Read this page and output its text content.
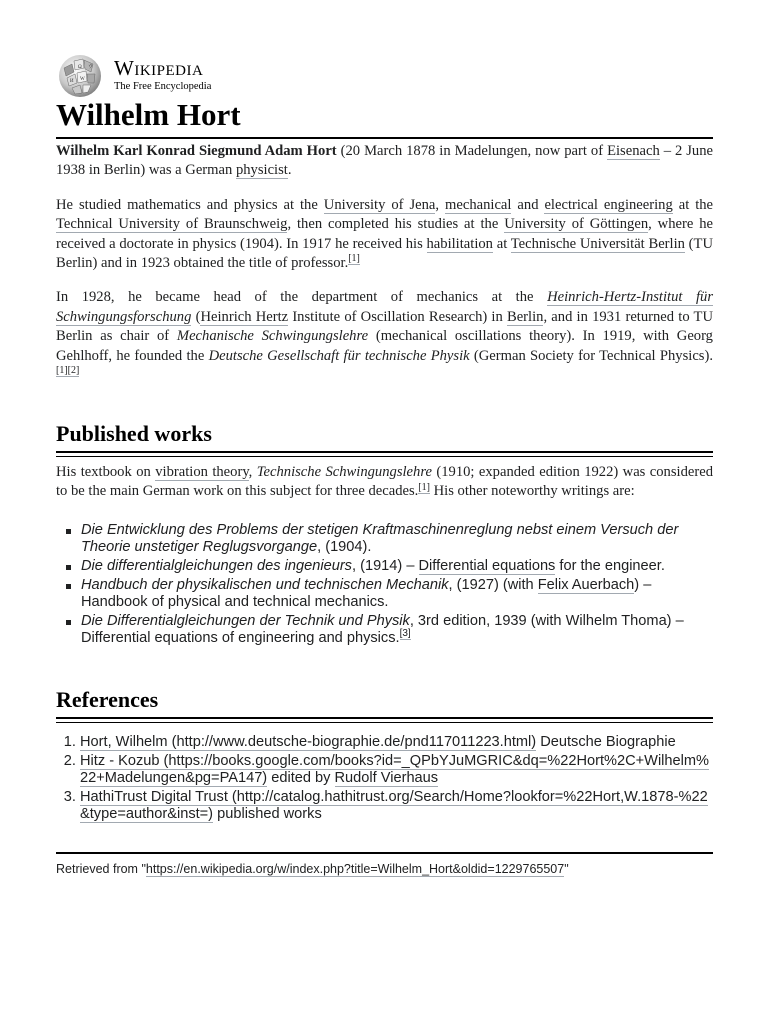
Ω
W
И
ウ Wikipedia
The Free Encyclopedia
Wilhelm Hort

Wilhelm Karl Konrad Siegmund Adam Hort (20 March 1878 in Madelungen, now part of Eisenach – 2 June 1938 in Berlin) was a German physicist.

He studied mathematics and physics at the University of Jena, mechanical and electrical engineering at the Technical University of Braunschweig, then completed his studies at the University of Göttingen, where he received a doctorate in physics (1904). In 1917 he received his habilitation at Technische Universität Berlin (TU Berlin) and in 1923 obtained the title of professor.[1]

In 1928, he became head of the department of mechanics at the Heinrich-Hertz-Institut für Schwingungsforschung (Heinrich Hertz Institute of Oscillation Research) in Berlin, and in 1931 returned to TU Berlin as chair of Mechanische Schwingungslehre (mechanical oscillations theory). In 1919, with Georg Gehlhoff, he founded the Deutsche Gesellschaft für technische Physik (German Society for Technical Physics).[1][2]

Published works

His textbook on vibration theory, Technische Schwingungslehre (1910; expanded edition 1922) was considered to be the main German work on this subject for three decades.[1] His other noteworthy writings are:

Die Entwicklung des Problems der stetigen Kraftmaschinenreglung nebst einem Versuch der Theorie unstetiger Reglugsvorgange, (1904).
Die differentialgleichungen des ingenieurs, (1914) – Differential equations for the engineer.
Handbuch der physikalischen und technischen Mechanik, (1927) (with Felix Auerbach) – Handbook of physical and technical mechanics.
Die Differentialgleichungen der Technik und Physik, 3rd edition, 1939 (with Wilhelm Thoma) – Differential equations of engineering and physics.[3]
References
1. Hort, Wilhelm (http://www.deutsche-biographie.de/pnd117011223.html) Deutsche Biographie
2. Hitz - Kozub (https://books.google.com/books?id=_QPbYJuMGRIC&dq=%22Hort%2C+Wilhelm%22+Madelungen&pg=PA147) edited by Rudolf Vierhaus
3. HathiTrust Digital Trust (http://catalog.hathitrust.org/Search/Home?lookfor=%22Hort,W.1878-%22&type=author&inst=) published works
Retrieved from "https://en.wikipedia.org/w/index.php?title=Wilhelm_Hort&oldid=1229765507"
